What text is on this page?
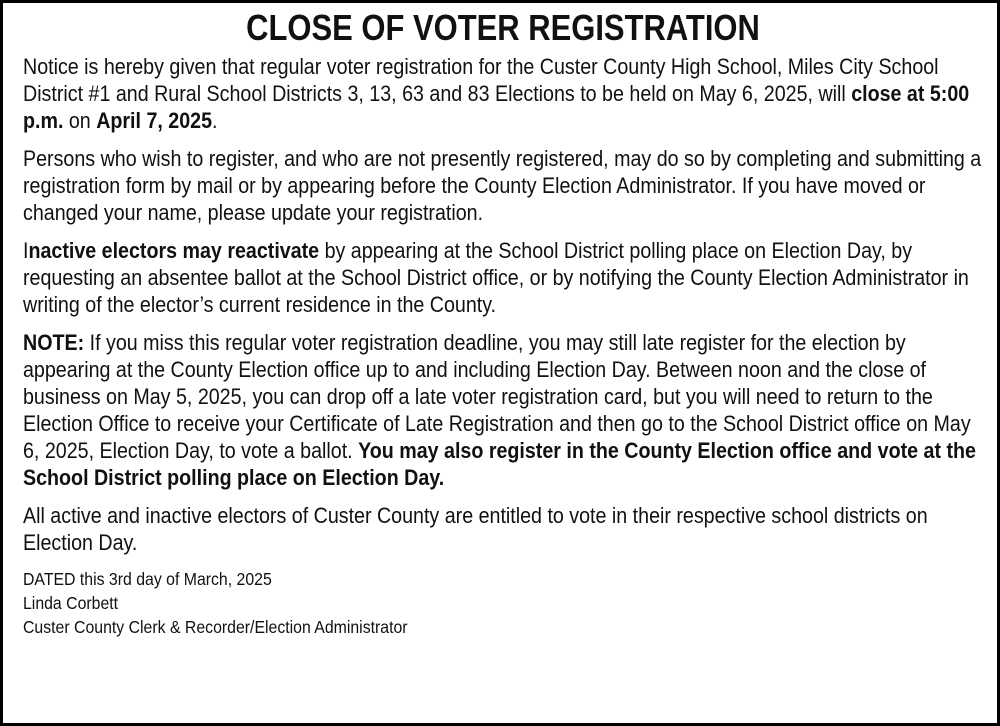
CLOSE OF VOTER REGISTRATION

Notice is hereby given that regular voter registration for the Custer County High School, Miles City School District #1 and Rural School Districts 3, 13, 63 and 83 Elections to be held on May 6, 2025, will close at 5:00 p.m. on April 7, 2025.

Persons who wish to register, and who are not presently registered, may do so by completing and submitting a registration form by mail or by appearing before the County Election Administrator. If you have moved or changed your name, please update your registration.

Inactive electors may reactivate by appearing at the School District polling place on Election Day, by requesting an absentee ballot at the School District office, or by notifying the County Election Administrator in writing of the elector’s current residence in the County.

NOTE: If you miss this regular voter registration deadline, you may still late register for the election by appearing at the County Election office up to and including Election Day. Between noon and the close of business on May 5, 2025, you can drop off a late voter registration card, but you will need to return to the Election Office to receive your Certificate of Late Registration and then go to the School District office on May 6, 2025, Election Day, to vote a ballot. You may also register in the County Election office and vote at the School District polling place on Election Day.

All active and inactive electors of Custer County are entitled to vote in their respective school districts on Election Day.

DATED this 3rd day of March, 2025
Linda Corbett
Custer County Clerk & Recorder/Election Administrator
